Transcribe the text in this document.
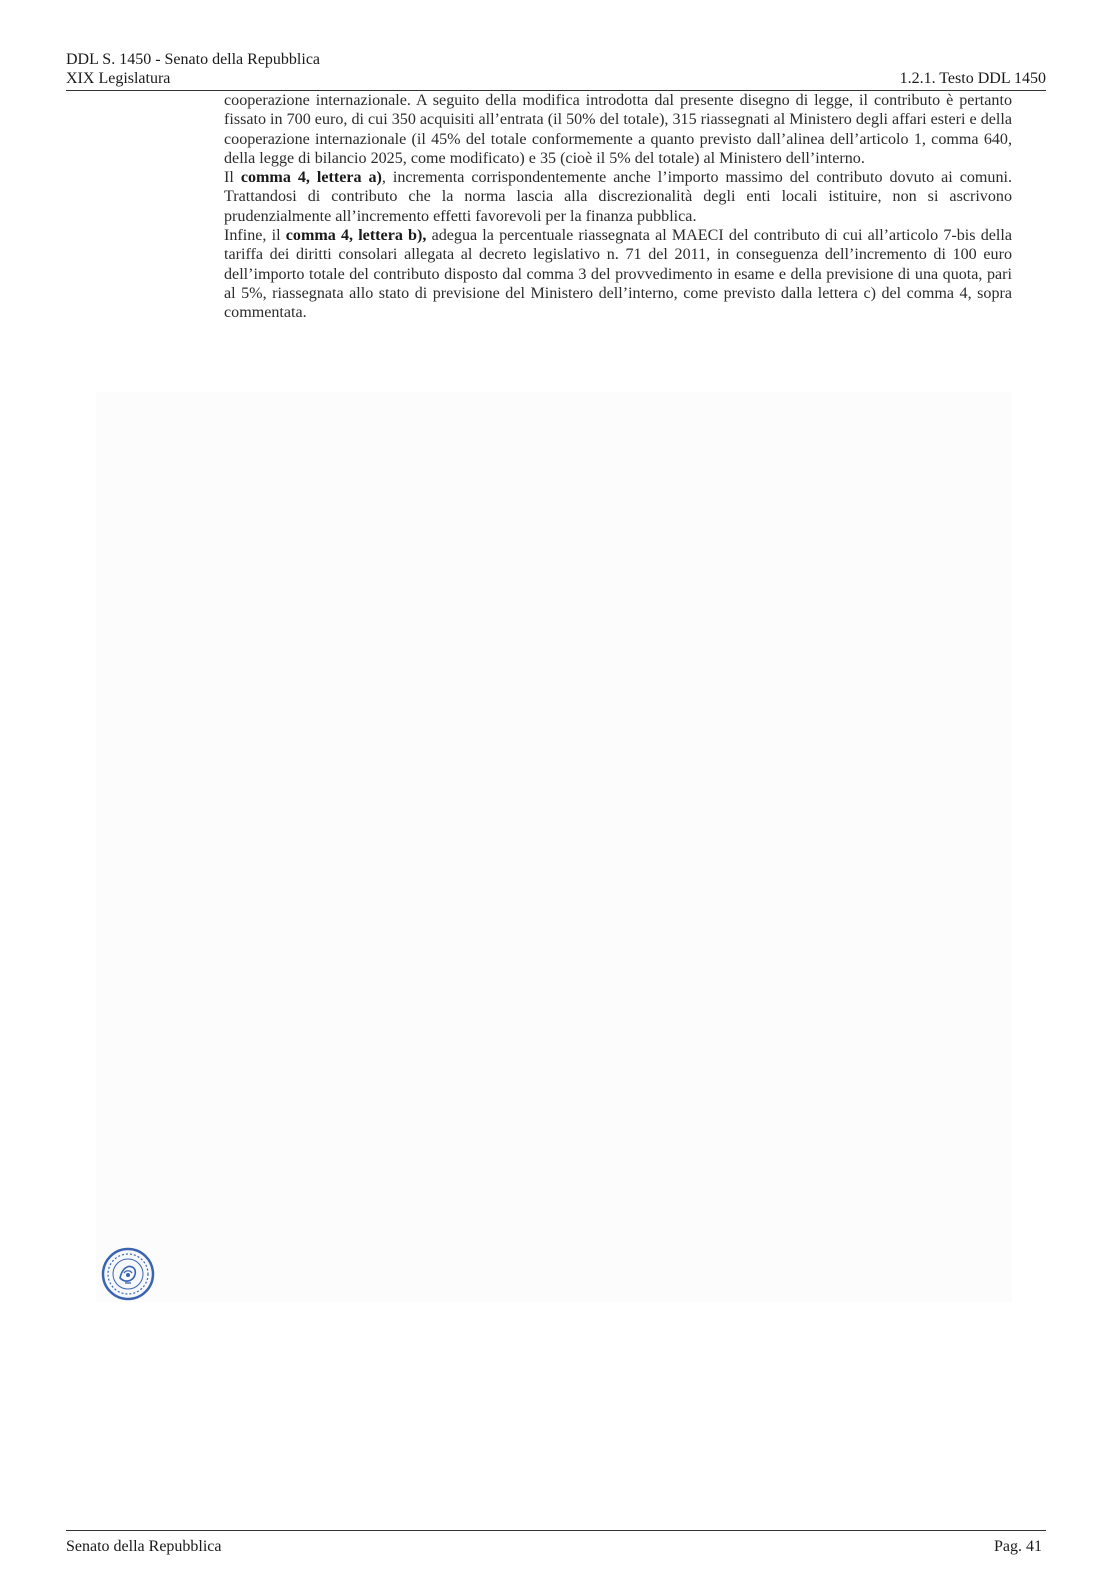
DDL S. 1450 - Senato della Repubblica
XIX Legislatura	1.2.1. Testo DDL 1450

cooperazione internazionale. A seguito della modifica introdotta dal presente disegno di legge, il contributo è pertanto fissato in 700 euro, di cui 350 acquisiti all’entrata (il 50% del totale), 315 riassegnati al Ministero degli affari esteri e della cooperazione internazionale (il 45% del totale conformemente a quanto previsto dall’alinea dell’articolo 1, comma 640, della legge di bilancio 2025, come modificato) e 35 (cioè il 5% del totale) al Ministero dell’interno.

Il comma 4, lettera a), incrementa corrispondentemente anche l’importo massimo del contributo dovuto ai comuni. Trattandosi di contributo che la norma lascia alla discrezionalità degli enti locali istituire, non si ascrivono prudenzialmente all’incremento effetti favorevoli per la finanza pubblica.

Infine, il comma 4, lettera b), adegua la percentuale riassegnata al MAECI del contributo di cui all’articolo 7-bis della tariffa dei diritti consolari allegata al decreto legislativo n. 71 del 2011, in conseguenza dell’incremento di 100 euro dell’importo totale del contributo disposto dal comma 3 del provvedimento in esame e della previsione di una quota, pari al 5%, riassegnata allo stato di previsione del Ministero dell’interno, come previsto dalla lettera c) del comma 4, sopra commentata.

Senato della Repubblica	Pag. 41
